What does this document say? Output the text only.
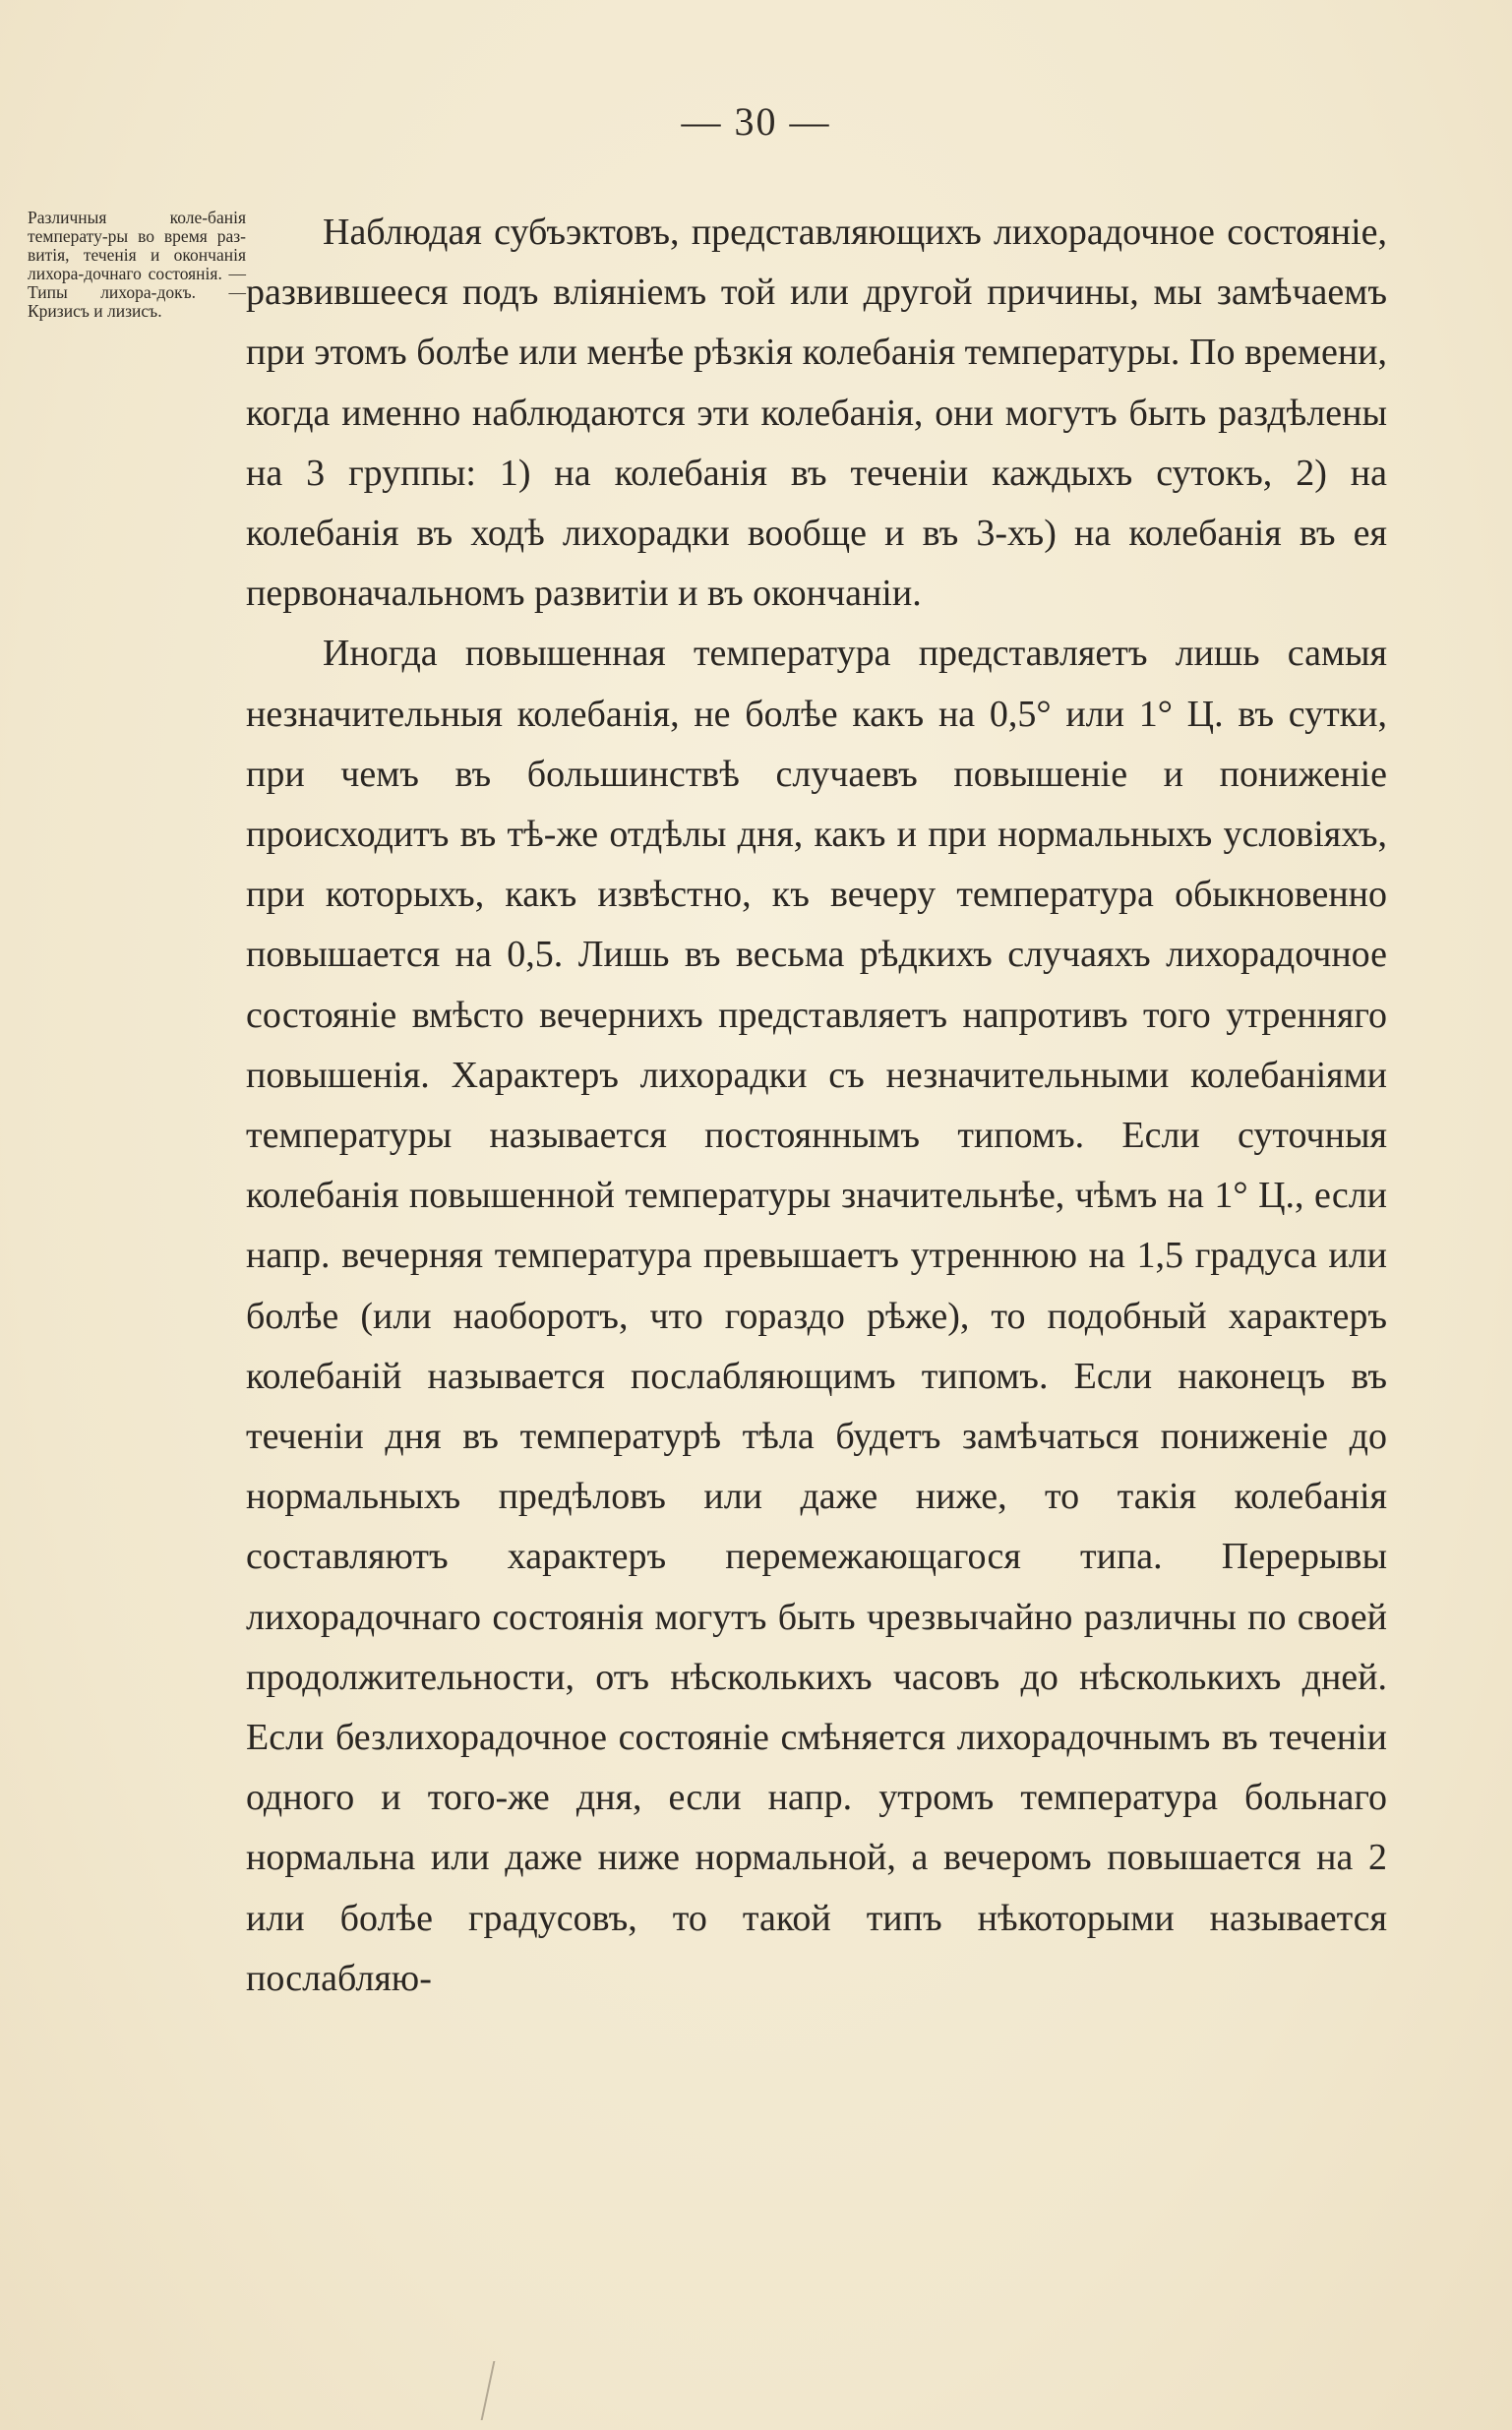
— 30 —
Различныя коле-банія температу-ры во время раз-витія, теченія и окончанія лихора-дочнаго состоянія. — Типы лихора-докъ. — Кризисъ и лизисъ.

Наблюдая субъэктовъ, представляющихъ лихорадочное состояніе, развившееся подъ вліяніемъ той или другой причины, мы замѣчаемъ при этомъ болѣе или менѣе рѣзкія колебанія температуры. По времени, когда именно наблюдаются эти колебанія, они могутъ быть раздѣлены на 3 группы: 1) на колебанія въ теченіи каждыхъ сутокъ, 2) на колебанія въ ходѣ лихорадки вообще и въ 3-хъ) на колебанія въ ея первоначальномъ развитіи и въ окончаніи.

Иногда повышенная температура представляетъ лишь самыя незначительныя колебанія, не болѣе какъ на 0,5° или 1° Ц. въ сутки, при чемъ въ большинствѣ случаевъ повышеніе и пониженіе происходитъ въ тѣ-же отдѣлы дня, какъ и при нормальныхъ условіяхъ, при которыхъ, какъ извѣстно, къ вечеру температура обыкновенно повышается на 0,5. Лишь въ весьма рѣдкихъ случаяхъ лихорадочное состояніе вмѣсто вечернихъ представляетъ напротивъ того утренняго повышенія. Характеръ лихорадки съ незначительными колебаніями температуры называется постояннымъ типомъ. Если суточныя колебанія повышенной температуры значительнѣе, чѣмъ на 1° Ц., если напр. вечерняя температура превышаетъ утреннюю на 1,5 градуса или болѣе (или наоборотъ, что гораздо рѣже), то подобный характеръ колебаній называется послабляющимъ типомъ. Если наконецъ въ теченіи дня въ температурѣ тѣла будетъ замѣчаться пониженіе до нормальныхъ предѣловъ или даже ниже, то такія колебанія составляютъ характеръ перемежающагося типа. Перерывы лихорадочнаго состоянія могутъ быть чрезвычайно различны по своей продолжительности, отъ нѣсколькихъ часовъ до нѣсколькихъ дней. Если безлихорадочное состояніе смѣняется лихорадочнымъ въ теченіи одного и того-же дня, если напр. утромъ температура больнаго нормальна или даже ниже нормальной, а вечеромъ повышается на 2 или болѣе градусовъ, то такой типъ нѣкоторыми называется послабляю-
